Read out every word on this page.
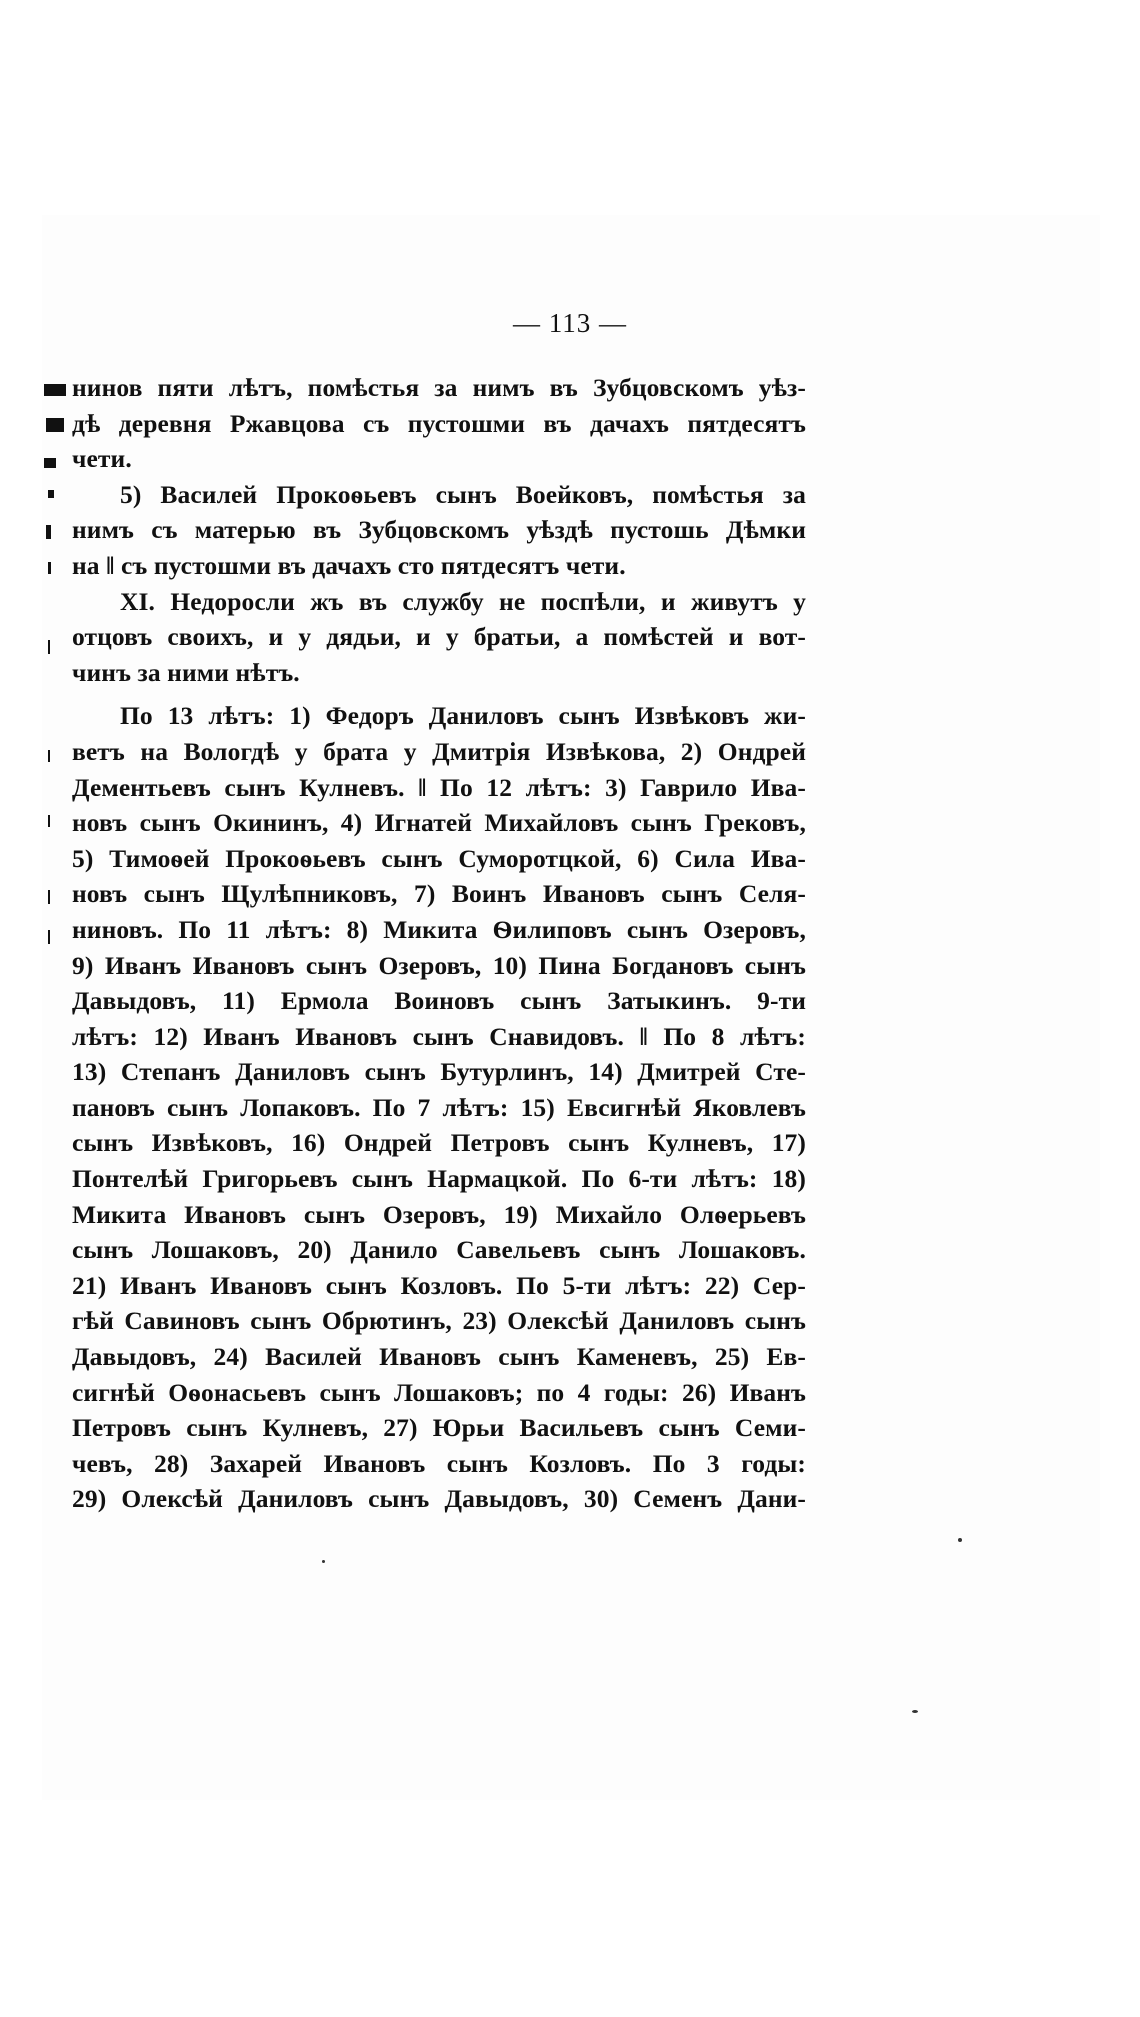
— 113 —
нинов пяти лѣтъ, помѣстья за нимъ въ Зубцовскомъ уѣз-
дѣ деревня Ржавцова съ пустошми въ дачахъ пятдесятъ
чети.
5) Василей Прокоѳьевъ сынъ Воейковъ, помѣстья за
нимъ съ матерью въ Зубцовскомъ уѣздѣ пустошь Дѣмки
на ‖ съ пустошми въ дачахъ сто пятдесятъ чети.
XI. Недоросли жъ въ службу не поспѣли, и живутъ у
отцовъ своихъ, и у дядьи, и у братьи, а помѣстей и вот-
чинъ за ними нѣтъ.
По 13 лѣтъ: 1) Федоръ Даниловъ сынъ Извѣковъ жи-
ветъ на Вологдѣ у брата у Дмитрія Извѣкова, 2) Ондрей
Дементьевъ сынъ Кулневъ. ‖ По 12 лѣтъ: 3) Гаврило Ива-
новъ сынъ Окининъ, 4) Игнатей Михайловъ сынъ Грековъ,
5) Тимоѳей Прокоѳьевъ сынъ Суморотцкой, 6) Сила Ива-
новъ сынъ Щулѣпниковъ, 7) Воинъ Ивановъ сынъ Селя-
ниновъ. По 11 лѣтъ: 8) Микита Ѳилиповъ сынъ Озеровъ,
9) Иванъ Ивановъ сынъ Озеровъ, 10) Пина Богдановъ сынъ
Давыдовъ, 11) Ермола Воиновъ сынъ Затыкинъ. 9-ти
лѣтъ: 12) Иванъ Ивановъ сынъ Снавидовъ. ‖ По 8 лѣтъ:
13) Степанъ Даниловъ сынъ Бутурлинъ, 14) Дмитрей Сте-
пановъ сынъ Лопаковъ. По 7 лѣтъ: 15) Евсигнѣй Яковлевъ
сынъ Извѣковъ, 16) Ондрей Петровъ сынъ Кулневъ, 17)
Понтелѣй Григорьевъ сынъ Нармацкой. По 6-ти лѣтъ: 18)
Микита Ивановъ сынъ Озеровъ, 19) Михайло Олѳерьевъ
сынъ Лошаковъ, 20) Данило Савельевъ сынъ Лошаковъ.
21) Иванъ Ивановъ сынъ Козловъ. По 5-ти лѣтъ: 22) Сер-
гѣй Савиновъ сынъ Обрютинъ, 23) Олексѣй Даниловъ сынъ
Давыдовъ, 24) Василей Ивановъ сынъ Каменевъ, 25) Ев-
сигнѣй Оѳонасьевъ сынъ Лошаковъ; по 4 годы: 26) Иванъ
Петровъ сынъ Кулневъ, 27) Юрьи Васильевъ сынъ Семи-
чевъ, 28) Захарей Ивановъ сынъ Козловъ. По 3 годы:
29) Олексѣй Даниловъ сынъ Давыдовъ, 30) Семенъ Дани-
